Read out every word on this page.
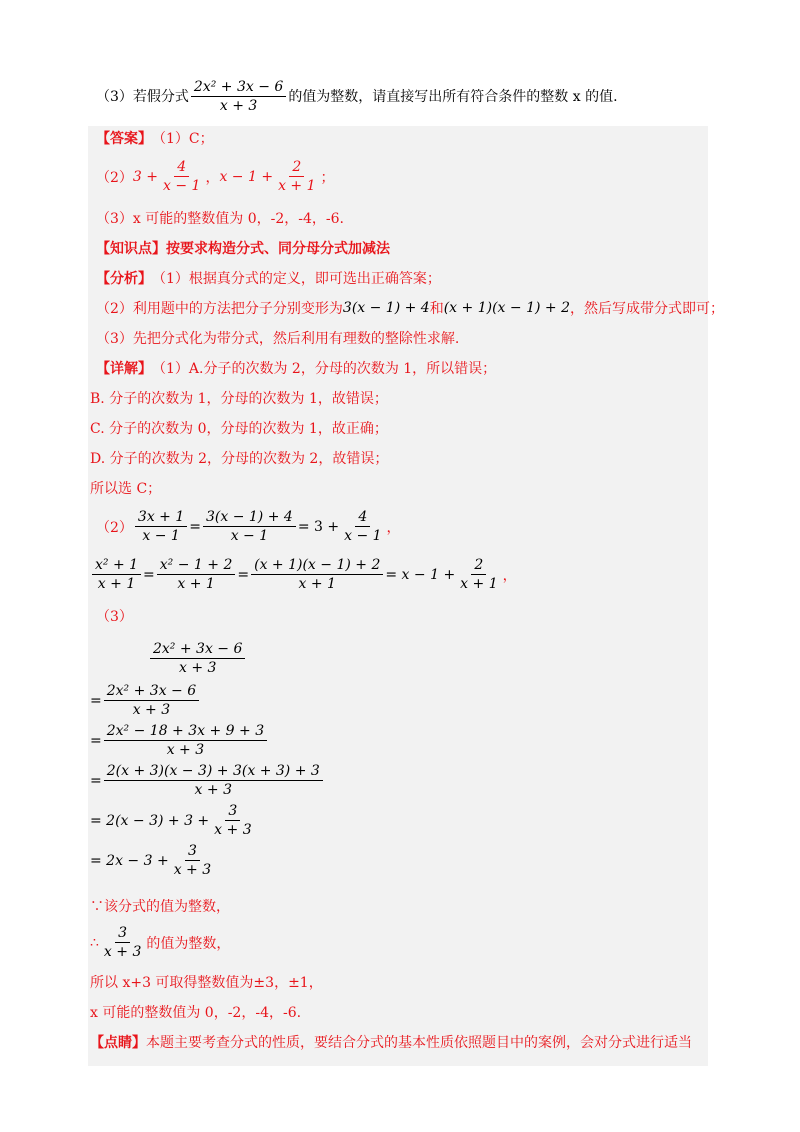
（3）若假分式 $\frac{\text{2x² + 3x − 6}}{x + 3}$ 的值为整数，请直接写出所有符合条件的整数 x 的值.
【答案】 （1）C；
（2） $3 + \frac{4}{x - 1}$ ， $x - 1 + \frac{2}{x + 1}$ ；
（3）x 可能的整数值为 0，-2，-4，-6.
【知识点】 按要求构造分式、同分母分式加减法
【分析】 （1）根据真分式的定义，即可选出正确答案；
（2）利用题中的方法把分子分别变形为 3(x − 1) + 4 和 (x + 1)(x − 1) + 2 ，然后写成带分式即可；
（3）先把分式化为带分式，然后利用有理数的整除性求解.
【详解】 （1）A.分子的次数为 2，分母的次数为 1，所以错误；
B. 分子的次数为 1，分母的次数为 1，故错误；
C. 分子的次数为 0，分母的次数为 1，故正确；
D. 分子的次数为 2，分母的次数为 2，故错误；
所以选 C；
$(2) \frac{3x + 1}{x - 1} = \frac{3(x - 1) + 4}{x - 1} = 3 + \frac{4}{x - 1}$ ，
$\frac{\text{x² + 1}}{x + 1} = \frac{\text{x² − 1 + 2}}{x + 1} = \frac{(x + 1)(x - 1) + 2}{x + 1} = x - 1 + \frac{2}{x + 1}$ ，
（3）
$\frac{\text{2x² + 3x − 6}}{x + 3}$
= $\frac{\text{2x² + 3x − 6}}{x + 3}$
= $\frac{\text{2x² − 18 + 3x + 9 + 3}}{x + 3}$
= $\frac{2(x + 3)(x - 3) + 3(x + 3) + 3}{x + 3}$
= $2(x - 3) + 3 + \frac{3}{x + 3}$
= $2x - 3 + \frac{3}{x + 3}$
∵该分式的值为整数，
∴ $\frac{3}{x + 3}$ 的值为整数，
所以 x+3 可取得整数值为±3，±1，
x 可能的整数值为 0，-2，-4，-6.
【点睛】 本题主要考查分式的性质，要结合分式的基本性质依照题目中的案例，会对分式进行适当
